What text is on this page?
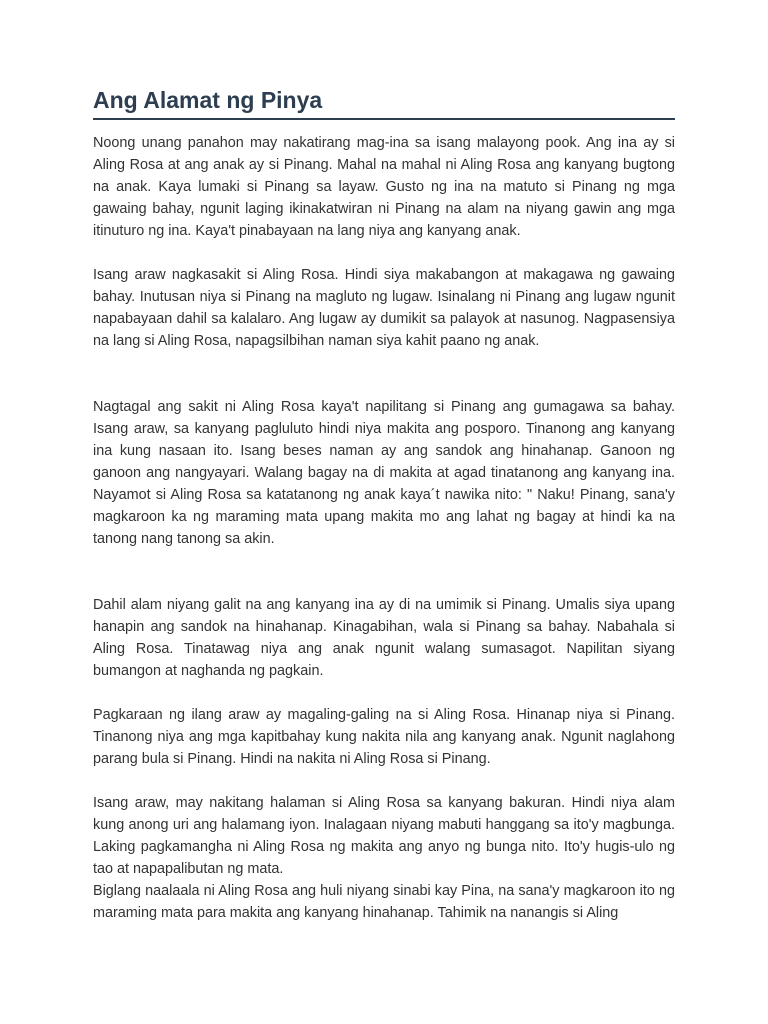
Ang Alamat ng Pinya

Noong unang panahon may nakatirang mag-ina sa isang malayong pook. Ang ina ay si Aling Rosa at ang anak ay si Pinang. Mahal na mahal ni Aling Rosa ang kanyang bugtong na anak. Kaya lumaki si Pinang sa layaw. Gusto ng ina na matuto si Pinang ng mga gawaing bahay, ngunit laging ikinakatwiran ni Pinang na alam na niyang gawin ang mga itinuturo ng ina. Kaya't pinabayaan na lang niya ang kanyang anak.

Isang araw nagkasakit si Aling Rosa. Hindi siya makabangon at makagawa ng gawaing bahay. Inutusan niya si Pinang na magluto ng lugaw. Isinalang ni Pinang ang lugaw ngunit napabayaan dahil sa kalalaro. Ang lugaw ay dumikit sa palayok at nasunog. Nagpasensiya na lang si Aling Rosa, napagsilbihan naman siya kahit paano ng anak.

Nagtagal ang sakit ni Aling Rosa kaya't napilitang si Pinang ang gumagawa sa bahay. Isang araw, sa kanyang pagluluto hindi niya makita ang posporo. Tinanong ang kanyang ina kung nasaan ito. Isang beses naman ay ang sandok ang hinahanap. Ganoon ng ganoon ang nangyayari. Walang bagay na di makita at agad tinatanong ang kanyang ina. Nayamot si Aling Rosa sa katatanong ng anak kaya´t nawika nito: " Naku! Pinang, sana'y magkaroon ka ng maraming mata upang makita mo ang lahat ng bagay at hindi ka na tanong nang tanong sa akin.

Dahil alam niyang galit na ang kanyang ina ay di na umimik si Pinang. Umalis siya upang hanapin ang sandok na hinahanap. Kinagabihan, wala si Pinang sa bahay. Nabahala si Aling Rosa. Tinatawag niya ang anak ngunit walang sumasagot. Napilitan siyang bumangon at naghanda ng pagkain.

Pagkaraan ng ilang araw ay magaling-galing na si Aling Rosa. Hinanap niya si Pinang. Tinanong niya ang mga kapitbahay kung nakita nila ang kanyang anak. Ngunit naglahong parang bula si Pinang. Hindi na nakita ni Aling Rosa si Pinang.

Isang araw, may nakitang halaman si Aling Rosa sa kanyang bakuran. Hindi niya alam kung anong uri ang halamang iyon. Inalagaan niyang mabuti hanggang sa ito'y magbunga. Laking pagkamangha ni Aling Rosa ng makita ang anyo ng bunga nito. Ito'y hugis-ulo ng tao at napapalibutan ng mata.

Biglang naalaala ni Aling Rosa ang huli niyang sinabi kay Pina, na sana'y magkaroon ito ng maraming mata para makita ang kanyang hinahanap. Tahimik na nanangis si Aling
